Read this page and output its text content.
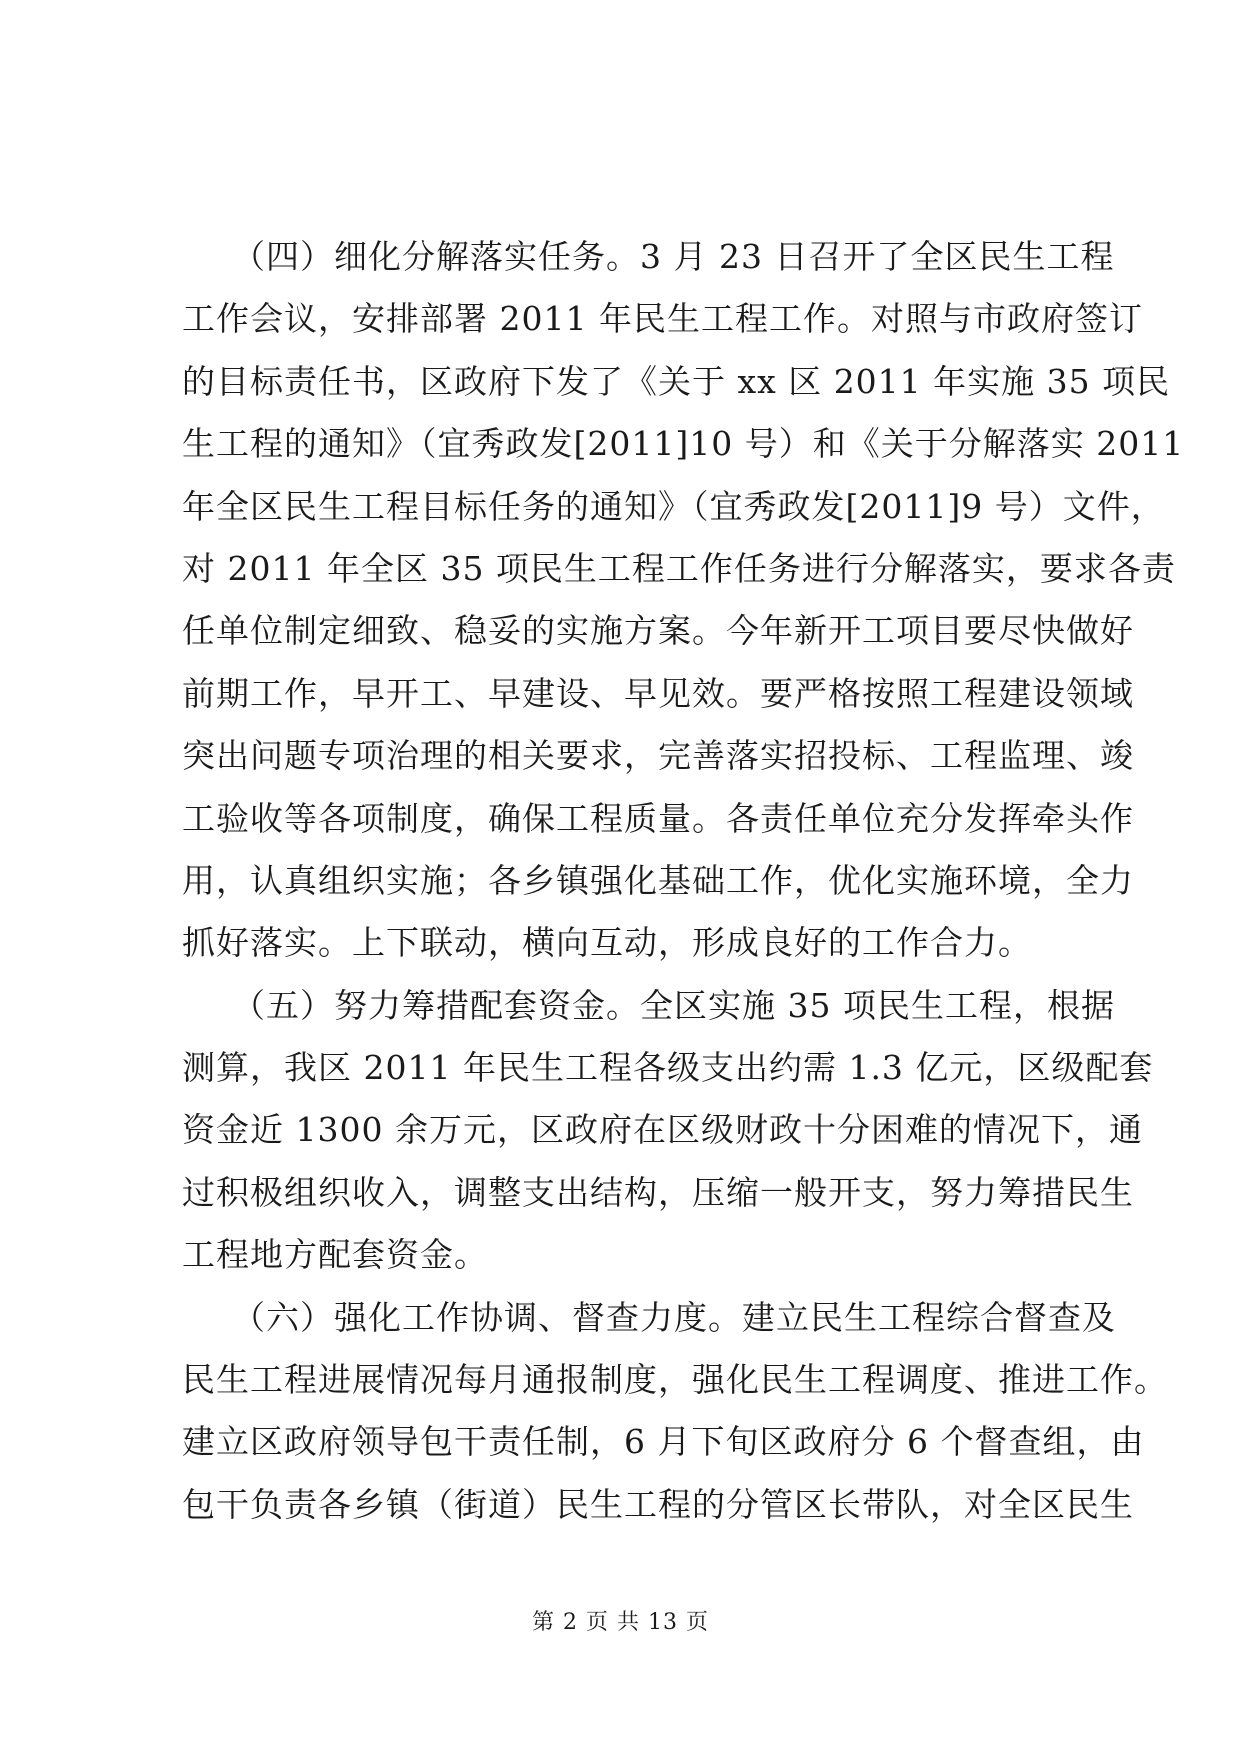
（四）细化分解落实任务。3 月 23 日召开了全区民生工程
工作会议，安排部署 2011 年民生工程工作。对照与市政府签订
的目标责任书，区政府下发了《关于 xx 区 2011 年实施 35 项民
生工程的通知》（宜秀政发[2011]10 号）和《关于分解落实 2011
年全区民生工程目标任务的通知》（宜秀政发[2011]9 号）文件，
对 2011 年全区 35 项民生工程工作任务进行分解落实，要求各责
任单位制定细致、稳妥的实施方案。今年新开工项目要尽快做好
前期工作，早开工、早建设、早见效。要严格按照工程建设领域
突出问题专项治理的相关要求，完善落实招投标、工程监理、竣
工验收等各项制度，确保工程质量。各责任单位充分发挥牵头作
用，认真组织实施；各乡镇强化基础工作，优化实施环境，全力
抓好落实。上下联动，横向互动，形成良好的工作合力。
（五）努力筹措配套资金。全区实施 35 项民生工程，根据
测算，我区 2011 年民生工程各级支出约需 1.3 亿元，区级配套
资金近 1300 余万元，区政府在区级财政十分困难的情况下，通
过积极组织收入，调整支出结构，压缩一般开支，努力筹措民生
工程地方配套资金。
（六）强化工作协调、督查力度。建立民生工程综合督查及
民生工程进展情况每月通报制度，强化民生工程调度、推进工作。
建立区政府领导包干责任制，6 月下旬区政府分 6 个督查组，由
包干负责各乡镇（街道）民生工程的分管区长带队，对全区民生
第 2 页 共 13 页
